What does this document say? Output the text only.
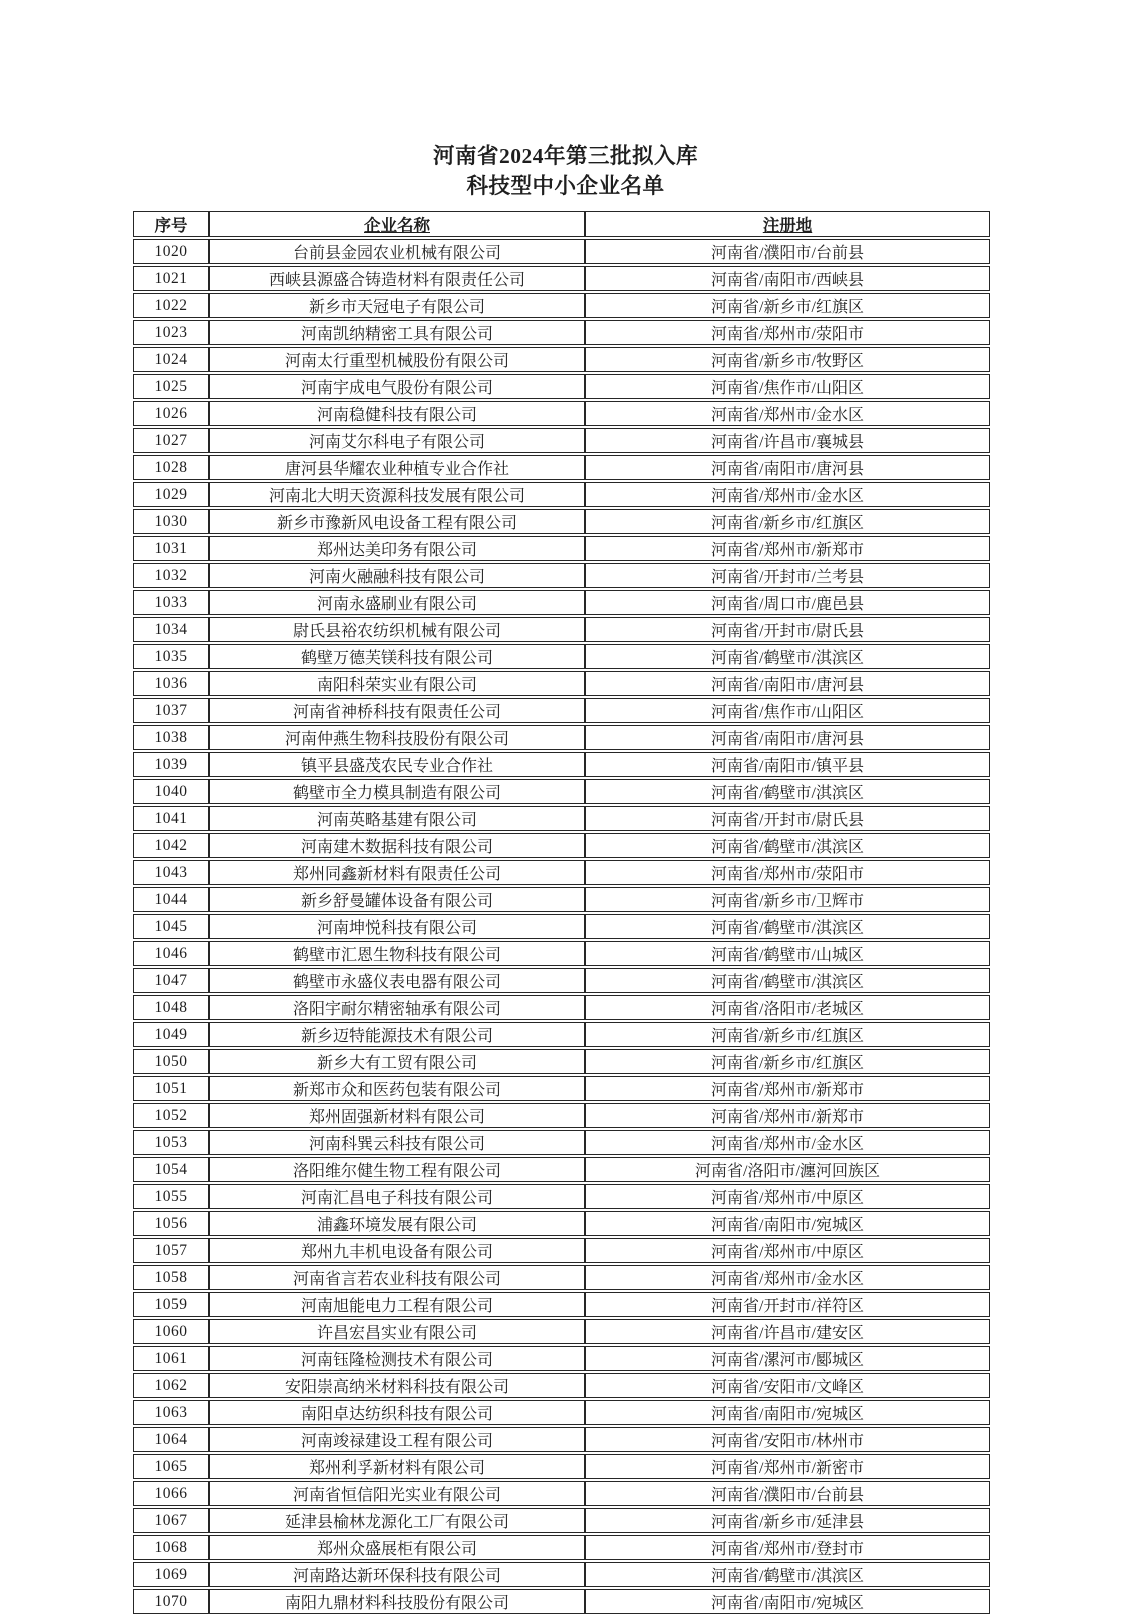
河南省2024年第三批拟入库
科技型中小企业名单
序号	企业名称	注册地
1020	台前县金园农业机械有限公司	河南省/濮阳市/台前县
1021	西峡县源盛合铸造材料有限责任公司	河南省/南阳市/西峡县
1022	新乡市天冠电子有限公司	河南省/新乡市/红旗区
1023	河南凯纳精密工具有限公司	河南省/郑州市/荥阳市
1024	河南太行重型机械股份有限公司	河南省/新乡市/牧野区
1025	河南宇成电气股份有限公司	河南省/焦作市/山阳区
1026	河南稳健科技有限公司	河南省/郑州市/金水区
1027	河南艾尔科电子有限公司	河南省/许昌市/襄城县
1028	唐河县华耀农业种植专业合作社	河南省/南阳市/唐河县
1029	河南北大明天资源科技发展有限公司	河南省/郑州市/金水区
1030	新乡市豫新风电设备工程有限公司	河南省/新乡市/红旗区
1031	郑州达美印务有限公司	河南省/郑州市/新郑市
1032	河南火融融科技有限公司	河南省/开封市/兰考县
1033	河南永盛刷业有限公司	河南省/周口市/鹿邑县
1034	尉氏县裕农纺织机械有限公司	河南省/开封市/尉氏县
1035	鹤壁万德芙镁科技有限公司	河南省/鹤壁市/淇滨区
1036	南阳科荣实业有限公司	河南省/南阳市/唐河县
1037	河南省神桥科技有限责任公司	河南省/焦作市/山阳区
1038	河南仲燕生物科技股份有限公司	河南省/南阳市/唐河县
1039	镇平县盛茂农民专业合作社	河南省/南阳市/镇平县
1040	鹤壁市全力模具制造有限公司	河南省/鹤壁市/淇滨区
1041	河南英略基建有限公司	河南省/开封市/尉氏县
1042	河南建木数据科技有限公司	河南省/鹤壁市/淇滨区
1043	郑州同鑫新材料有限责任公司	河南省/郑州市/荥阳市
1044	新乡舒曼罐体设备有限公司	河南省/新乡市/卫辉市
1045	河南坤悦科技有限公司	河南省/鹤壁市/淇滨区
1046	鹤壁市汇恩生物科技有限公司	河南省/鹤壁市/山城区
1047	鹤壁市永盛仪表电器有限公司	河南省/鹤壁市/淇滨区
1048	洛阳宇耐尔精密轴承有限公司	河南省/洛阳市/老城区
1049	新乡迈特能源技术有限公司	河南省/新乡市/红旗区
1050	新乡大有工贸有限公司	河南省/新乡市/红旗区
1051	新郑市众和医药包装有限公司	河南省/郑州市/新郑市
1052	郑州固强新材料有限公司	河南省/郑州市/新郑市
1053	河南科巽云科技有限公司	河南省/郑州市/金水区
1054	洛阳维尔健生物工程有限公司	河南省/洛阳市/瀍河回族区
1055	河南汇昌电子科技有限公司	河南省/郑州市/中原区
1056	浦鑫环境发展有限公司	河南省/南阳市/宛城区
1057	郑州九丰机电设备有限公司	河南省/郑州市/中原区
1058	河南省言若农业科技有限公司	河南省/郑州市/金水区
1059	河南旭能电力工程有限公司	河南省/开封市/祥符区
1060	许昌宏昌实业有限公司	河南省/许昌市/建安区
1061	河南钰隆检测技术有限公司	河南省/漯河市/郾城区
1062	安阳崇高纳米材料科技有限公司	河南省/安阳市/文峰区
1063	南阳卓达纺织科技有限公司	河南省/南阳市/宛城区
1064	河南竣禄建设工程有限公司	河南省/安阳市/林州市
1065	郑州利孚新材料有限公司	河南省/郑州市/新密市
1066	河南省恒信阳光实业有限公司	河南省/濮阳市/台前县
1067	延津县榆林龙源化工厂有限公司	河南省/新乡市/延津县
1068	郑州众盛展柜有限公司	河南省/郑州市/登封市
1069	河南路达新环保科技有限公司	河南省/鹤壁市/淇滨区
1070	南阳九鼎材料科技股份有限公司	河南省/南阳市/宛城区
